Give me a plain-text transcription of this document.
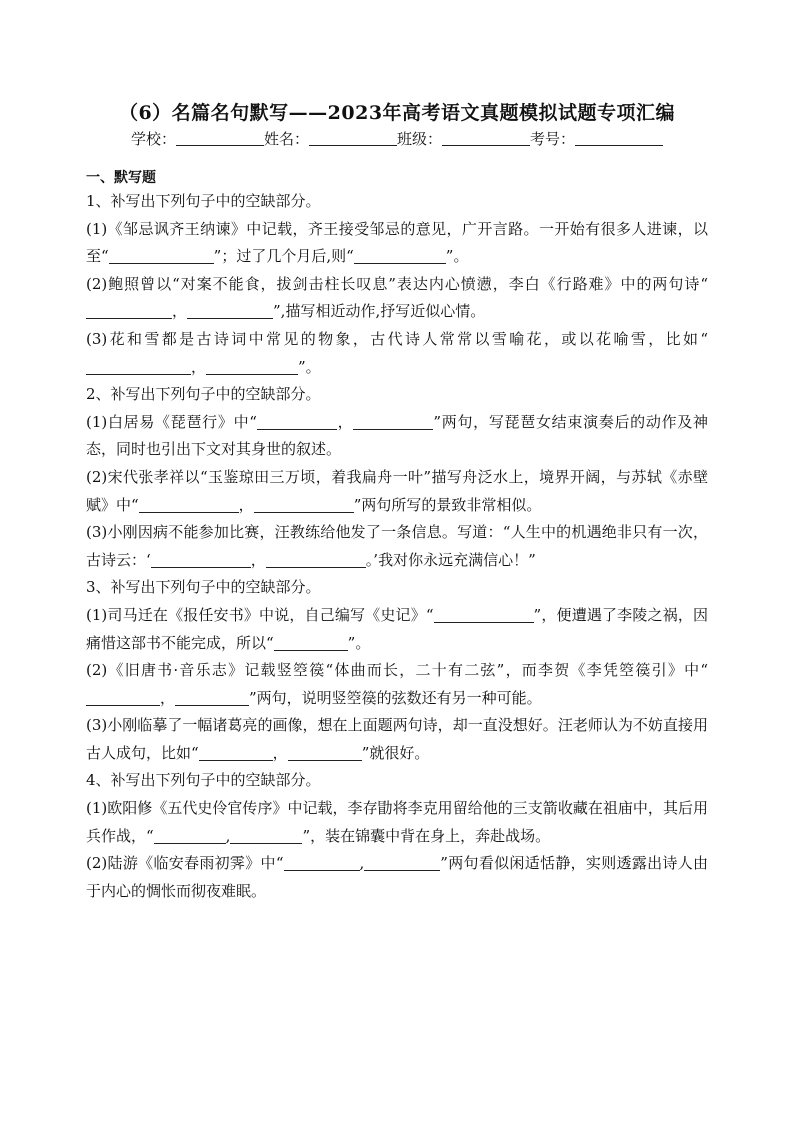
（6）名篇名句默写——2023年高考语文真题模拟试题专项汇编
学校：	姓名：	班级：	考号：
一、默写题

1、补写出下列句子中的空缺部分。

(1)《邹忌讽齐王纳谏》中记载，齐王接受邹忌的意见，广开言路。一开始有很多人进谏，以至“	”；过了几个月后,则“	”。

(2)鲍照曾以“对案不能食，拔剑击柱长叹息”表达内心愤懑，李白《行路难》中的两句诗“，	”,描写相近动作,抒写近似心情。

(3)花和雪都是古诗词中常见的物象，古代诗人常常以雪喻花，或以花喻雪，比如“，	”。

2、补写出下列句子中的空缺部分。

(1)白居易《琵琶行》中“	，	”两句，写琵琶女结束演奏后的动作及神态，同时也引出下文对其身世的叙述。

(2)宋代张孝祥以“玉鉴琼田三万顷，着我扁舟一叶”描写舟泛水上，境界开阔，与苏轼《赤壁赋》中“	，	”两句所写的景致非常相似。

(3)小刚因病不能参加比赛，汪教练给他发了一条信息。写道：“人生中的机遇绝非只有一次，古诗云：‘	，	。’我对你永远充满信心！”

3、补写出下列句子中的空缺部分。

(1)司马迁在《报任安书》中说，自己编写《史记》“	”，便遭遇了李陵之祸，因痛惜这部书不能完成，所以“	”。

(2)《旧唐书·音乐志》记载竖箜篌“体曲而长，二十有二弦”，而李贺《李凭箜篌引》中“，	”两句，说明竖箜篌的弦数还有另一种可能。

(3)小刚临摹了一幅诸葛亮的画像，想在上面题两句诗，却一直没想好。汪老师认为不妨直接用古人成句，比如“	，	”就很好。

4、补写出下列句子中的空缺部分。

(1)欧阳修《五代史伶官传序》中记载，李存勖将李克用留给他的三支箭收藏在祖庙中，其后用兵作战，“	,	”，装在锦囊中背在身上，奔赴战场。

(2)陆游《临安春雨初霁》中“	,	”两句看似闲适恬静，实则透露出诗人由于内心的惆怅而彻夜难眠。
